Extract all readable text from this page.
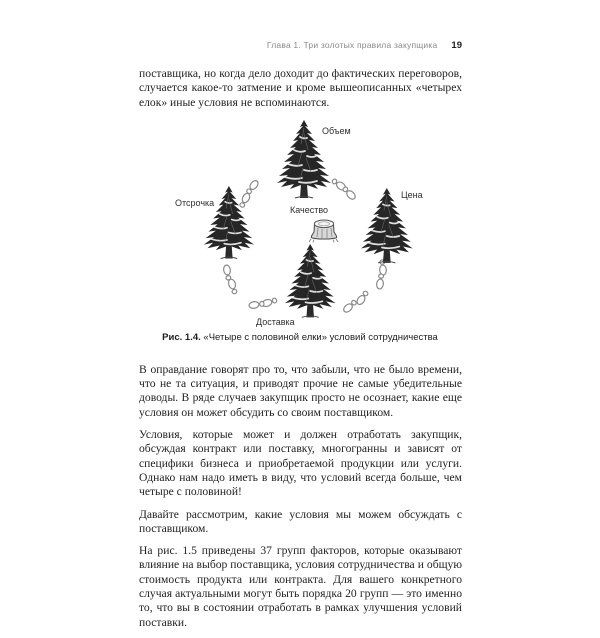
Глава 1. Три золотых правила закупщика 19

поставщика, но когда дело доходит до фактических переговоров, случается какое-то затмение и кроме вышеописанных «четырех елок» иные условия не вспоминаются.

Объем
Отсрочка
Цена
Качество
Доставка
Рис. 1.4. «Четыре с половиной елки» условий сотрудничества

В оправдание говорят про то, что забыли, что не было времени, что не та ситуация, и приводят прочие не самые убедительные доводы. В ряде случаев закупщик просто не осознает, какие еще условия он может обсудить со своим поставщиком.

Условия, которые может и должен отработать закупщик, обсуждая контракт или поставку, многогранны и зависят от специфики бизнеса и приобретаемой продукции или услуги. Однако нам надо иметь в виду, что условий всегда больше, чем четыре с половиной!

Давайте рассмотрим, какие условия мы можем обсуждать с поставщиком.

На рис. 1.5 приведены 37 групп факторов, которые оказывают влияние на выбор поставщика, условия сотрудничества и общую стоимость продукта или контракта. Для вашего конкретного случая актуальными могут быть порядка 20 групп — это именно то, что вы в состоянии отработать в рамках улучшения условий поставки.
